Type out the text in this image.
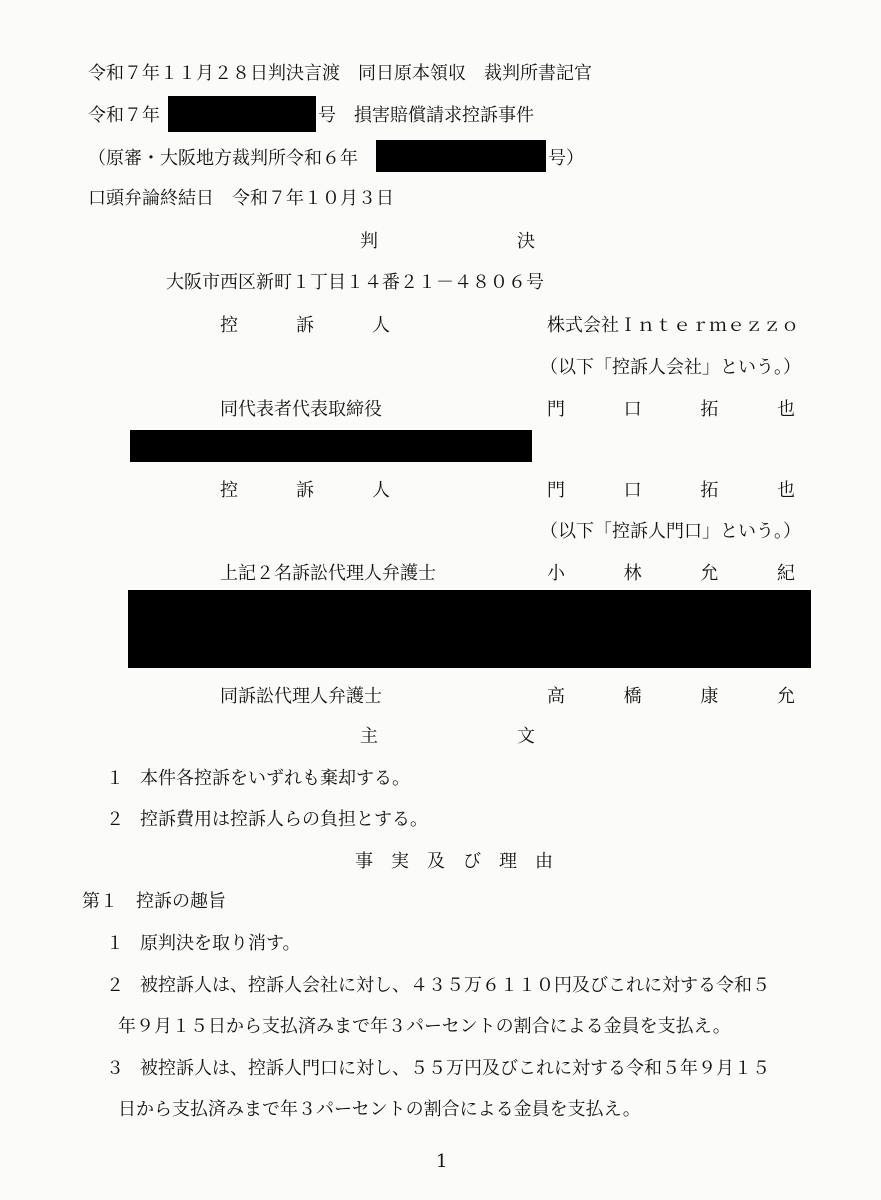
令和７年１１月２８日判決言渡　同日原本領収　裁判所書記官
令和７年	号　損害賠償請求控訴事件
（原審・大阪地方裁判所令和６年	号）
口頭弁論終結日　令和７年１０月３日
判	決
大阪市西区新町１丁目１４番２１－４８０６号
控	訴	人	株式会社Ｉｎｔｅｒｍｅｚｚｏ
（以下「控訴人会社」という。）
同代表者代表取締役	門	口	拓	也
控	訴	人	門	口	拓	也
（以下「控訴人門口」という。）
上記２名訴訟代理人弁護士	小	林	允	紀
同訴訟代理人弁護士	高	橋	康	允
主	文
１ 本件各控訴をいずれも棄却する。
２ 控訴費用は控訴人らの負担とする。
事　実　及　び　理　由
第１　控訴の趣旨
１ 原判決を取り消す。
２ 被控訴人は、控訴人会社に対し、４３５万６１１０円及びこれに対する令和５
年９月１５日から支払済みまで年３パーセントの割合による金員を支払え。
３ 被控訴人は、控訴人門口に対し、５５万円及びこれに対する令和５年９月１５
日から支払済みまで年３パーセントの割合による金員を支払え。
1
